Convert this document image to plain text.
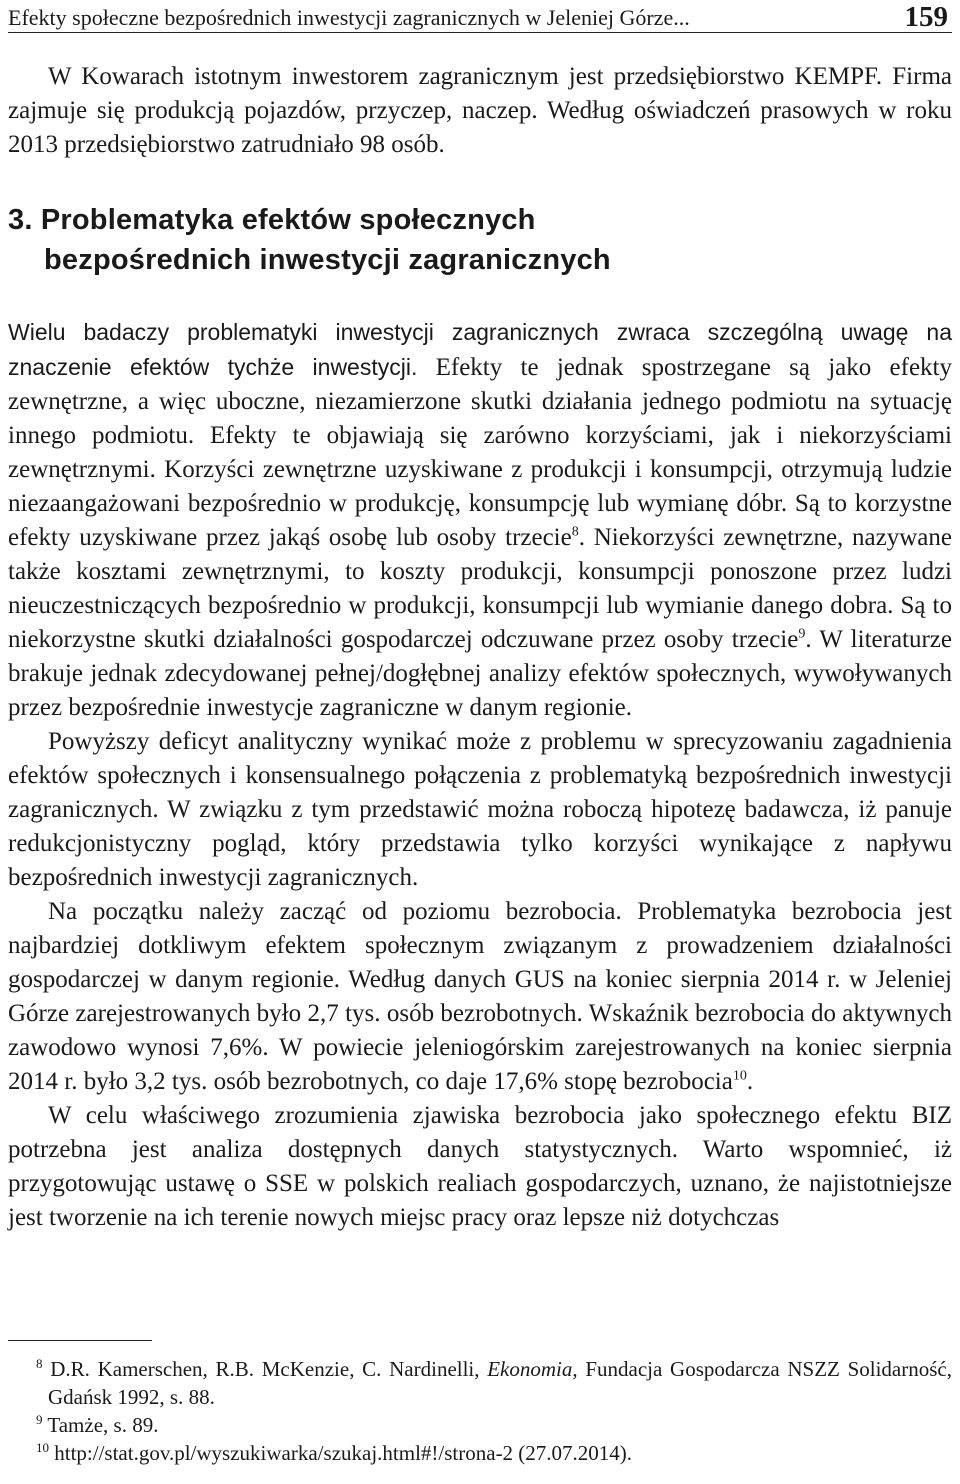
Efekty społeczne bezpośrednich inwestycji zagranicznych w Jeleniej Górze...	159

W Kowarach istotnym inwestorem zagranicznym jest przedsiębiorstwo KEMPF. Firma zajmuje się produkcją pojazdów, przyczep, naczep. Według oświadczeń prasowych w roku 2013 przedsiębiorstwo zatrudniało 98 osób.

3. Problematyka efektów społecznych
bezpośrednich inwestycji zagranicznych

Wielu badaczy problematyki inwestycji zagranicznych zwraca szczególną uwagę na znaczenie efektów tychże inwestycji. Efekty te jednak spostrzegane są jako efekty zewnętrzne, a więc uboczne, niezamierzone skutki działania jednego podmiotu na sytuację innego podmiotu. Efekty te objawiają się zarówno korzyściami, jak i niekorzyściami zewnętrznymi. Korzyści zewnętrzne uzyskiwane z produkcji i konsumpcji, otrzymują ludzie niezaangażowani bezpośrednio w produkcję, konsumpcję lub wymianę dóbr. Są to korzystne efekty uzyskiwane przez jakąś osobę lub osoby trzecie$^8$. Niekorzyści zewnętrzne, nazywane także kosztami zewnętrznymi, to koszty produkcji, konsumpcji ponoszone przez ludzi nieuczestniczących bezpośrednio w produkcji, konsumpcji lub wymianie danego dobra. Są to niekorzystne skutki działalności gospodarczej odczuwane przez osoby trzecie$^9$. W literaturze brakuje jednak zdecydowanej pełnej/dogłębnej analizy efektów społecznych, wywoływanych przez bezpośrednie inwestycje zagraniczne w danym regionie.

Powyższy deficyt analityczny wynikać może z problemu w sprecyzowaniu zagadnienia efektów społecznych i konsensualnego połączenia z problematyką bezpośrednich inwestycji zagranicznych. W związku z tym przedstawić można roboczą hipotezę badawcza, iż panuje redukcjonistyczny pogląd, który przedstawia tylko korzyści wynikające z napływu bezpośrednich inwestycji zagranicznych.

Na początku należy zacząć od poziomu bezrobocia. Problematyka bezrobocia jest najbardziej dotkliwym efektem społecznym związanym z prowadzeniem działalności gospodarczej w danym regionie. Według danych GUS na koniec sierpnia 2014 r. w Jeleniej Górze zarejestrowanych było 2,7 tys. osób bezrobotnych. Wskaźnik bezrobocia do aktywnych zawodowo wynosi 7,6%. W powiecie jeleniogórskim zarejestrowanych na koniec sierpnia 2014 r. było 3,2 tys. osób bezrobotnych, co daje 17,6% stopę bezrobocia$^{10}$.

W celu właściwego zrozumienia zjawiska bezrobocia jako społecznego efektu BIZ potrzebna jest analiza dostępnych danych statystycznych. Warto wspomnieć, iż przygotowując ustawę o SSE w polskich realiach gospodarczych, uznano, że najistotniejsze jest tworzenie na ich terenie nowych miejsc pracy oraz lepsze niż dotychczas

$^8$ D.R. Kamerschen, R.B. McKenzie, C. Nardinelli, Ekonomia, Fundacja Gospodarcza NSZZ Solidarność, Gdańsk 1992, s. 88.
$^9$ Tamże, s. 89.
$^{10}$ http://stat.gov.pl/wyszukiwarka/szukaj.html#!/strona-2 (27.07.2014).
